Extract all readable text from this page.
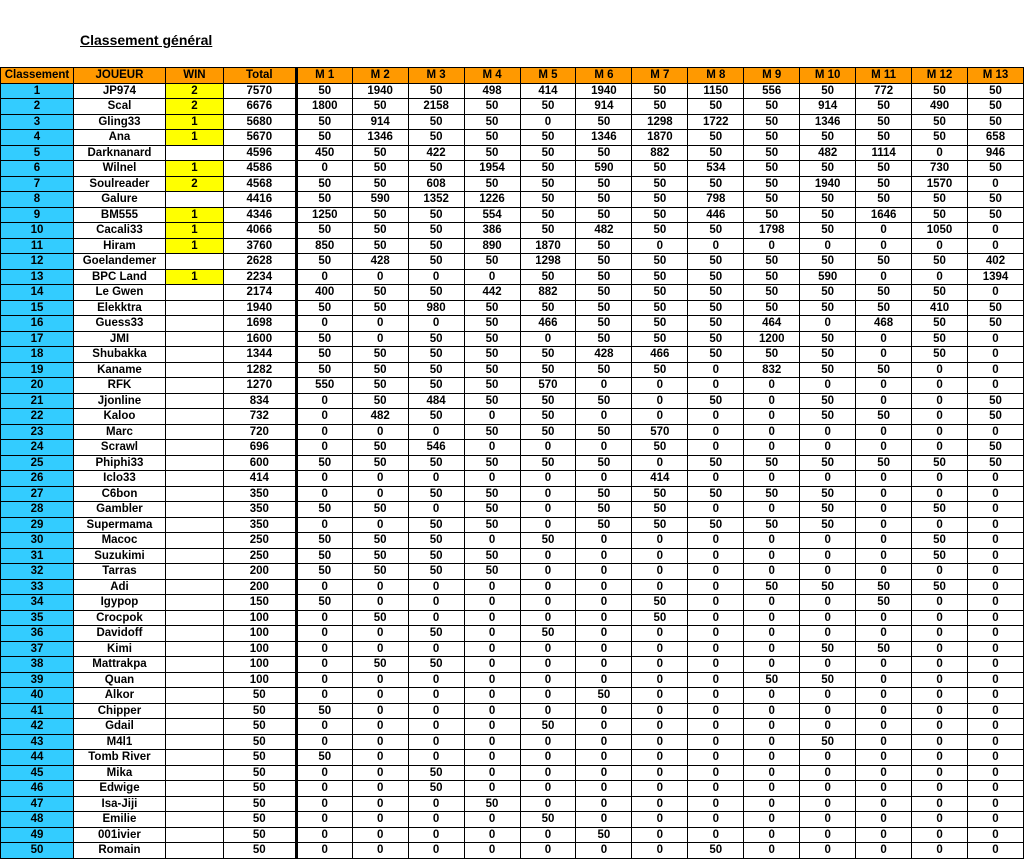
Classement général
Classement	JOUEUR	WIN	Total	M 1	M 2	M 3	M 4	M 5	M 6	M 7	M 8	M 9	M 10	M 11	M 12	M 13
1	JP974	2	7570	50	1940	50	498	414	1940	50	1150	556	50	772	50	50
2	Scal	2	6676	1800	50	2158	50	50	914	50	50	50	914	50	490	50
3	Gling33	1	5680	50	914	50	50	0	50	1298	1722	50	1346	50	50	50
4	Ana	1	5670	50	1346	50	50	50	1346	1870	50	50	50	50	50	658
5	Darknanard		4596	450	50	422	50	50	50	882	50	50	482	1114	0	946
6	Wilnel	1	4586	0	50	50	1954	50	590	50	534	50	50	50	730	50
7	Soulreader	2	4568	50	50	608	50	50	50	50	50	50	1940	50	1570	0
8	Galure		4416	50	590	1352	1226	50	50	50	798	50	50	50	50	50
9	BM555	1	4346	1250	50	50	554	50	50	50	446	50	50	1646	50	50
10	Cacali33	1	4066	50	50	50	386	50	482	50	50	1798	50	0	1050	0
11	Hiram	1	3760	850	50	50	890	1870	50	0	0	0	0	0	0	0
12	Goelandemer		2628	50	428	50	50	1298	50	50	50	50	50	50	50	402
13	BPC Land	1	2234	0	0	0	0	50	50	50	50	50	590	0	0	1394
14	Le Gwen		2174	400	50	50	442	882	50	50	50	50	50	50	50	0
15	Elekktra		1940	50	50	980	50	50	50	50	50	50	50	50	410	50
16	Guess33		1698	0	0	0	50	466	50	50	50	464	0	468	50	50
17	JMI		1600	50	0	50	50	0	50	50	50	1200	50	0	50	0
18	Shubakka		1344	50	50	50	50	50	428	466	50	50	50	0	50	0
19	Kaname		1282	50	50	50	50	50	50	50	0	832	50	50	0	0
20	RFK		1270	550	50	50	50	570	0	0	0	0	0	0	0	0
21	Jjonline		834	0	50	484	50	50	50	0	50	0	50	0	0	50
22	Kaloo		732	0	482	50	0	50	0	0	0	0	50	50	0	50
23	Marc		720	0	0	0	50	50	50	570	0	0	0	0	0	0
24	Scrawl		696	0	50	546	0	0	0	50	0	0	0	0	0	50
25	Phiphi33		600	50	50	50	50	50	50	0	50	50	50	50	50	50
26	Iclo33		414	0	0	0	0	0	0	414	0	0	0	0	0	0
27	C6bon		350	0	0	50	50	0	50	50	50	50	50	0	0	0
28	Gambler		350	50	50	0	50	0	50	50	0	0	50	0	50	0
29	Supermama		350	0	0	50	50	0	50	50	50	50	50	0	0	0
30	Macoc		250	50	50	50	0	50	0	0	0	0	0	0	50	0
31	Suzukimi		250	50	50	50	50	0	0	0	0	0	0	0	50	0
32	Tarras		200	50	50	50	50	0	0	0	0	0	0	0	0	0
33	Adi		200	0	0	0	0	0	0	0	0	50	50	50	50	0
34	Igypop		150	50	0	0	0	0	0	50	0	0	0	50	0	0
35	Crocpok		100	0	50	0	0	0	0	50	0	0	0	0	0	0
36	Davidoff		100	0	0	50	0	50	0	0	0	0	0	0	0	0
37	Kimi		100	0	0	0	0	0	0	0	0	0	50	50	0	0
38	Mattrakpa		100	0	50	50	0	0	0	0	0	0	0	0	0	0
39	Quan		100	0	0	0	0	0	0	0	0	50	50	0	0	0
40	Alkor		50	0	0	0	0	0	50	0	0	0	0	0	0	0
41	Chipper		50	50	0	0	0	0	0	0	0	0	0	0	0	0
42	Gdail		50	0	0	0	0	50	0	0	0	0	0	0	0	0
43	M4l1		50	0	0	0	0	0	0	0	0	0	50	0	0	0
44	Tomb River		50	50	0	0	0	0	0	0	0	0	0	0	0	0
45	Mika		50	0	0	50	0	0	0	0	0	0	0	0	0	0
46	Edwige		50	0	0	50	0	0	0	0	0	0	0	0	0	0
47	Isa-Jiji		50	0	0	0	50	0	0	0	0	0	0	0	0	0
48	Emilie		50	0	0	0	0	50	0	0	0	0	0	0	0	0
49	001ivier		50	0	0	0	0	0	50	0	0	0	0	0	0	0
50	Romain		50	0	0	0	0	0	0	0	50	0	0	0	0	0
